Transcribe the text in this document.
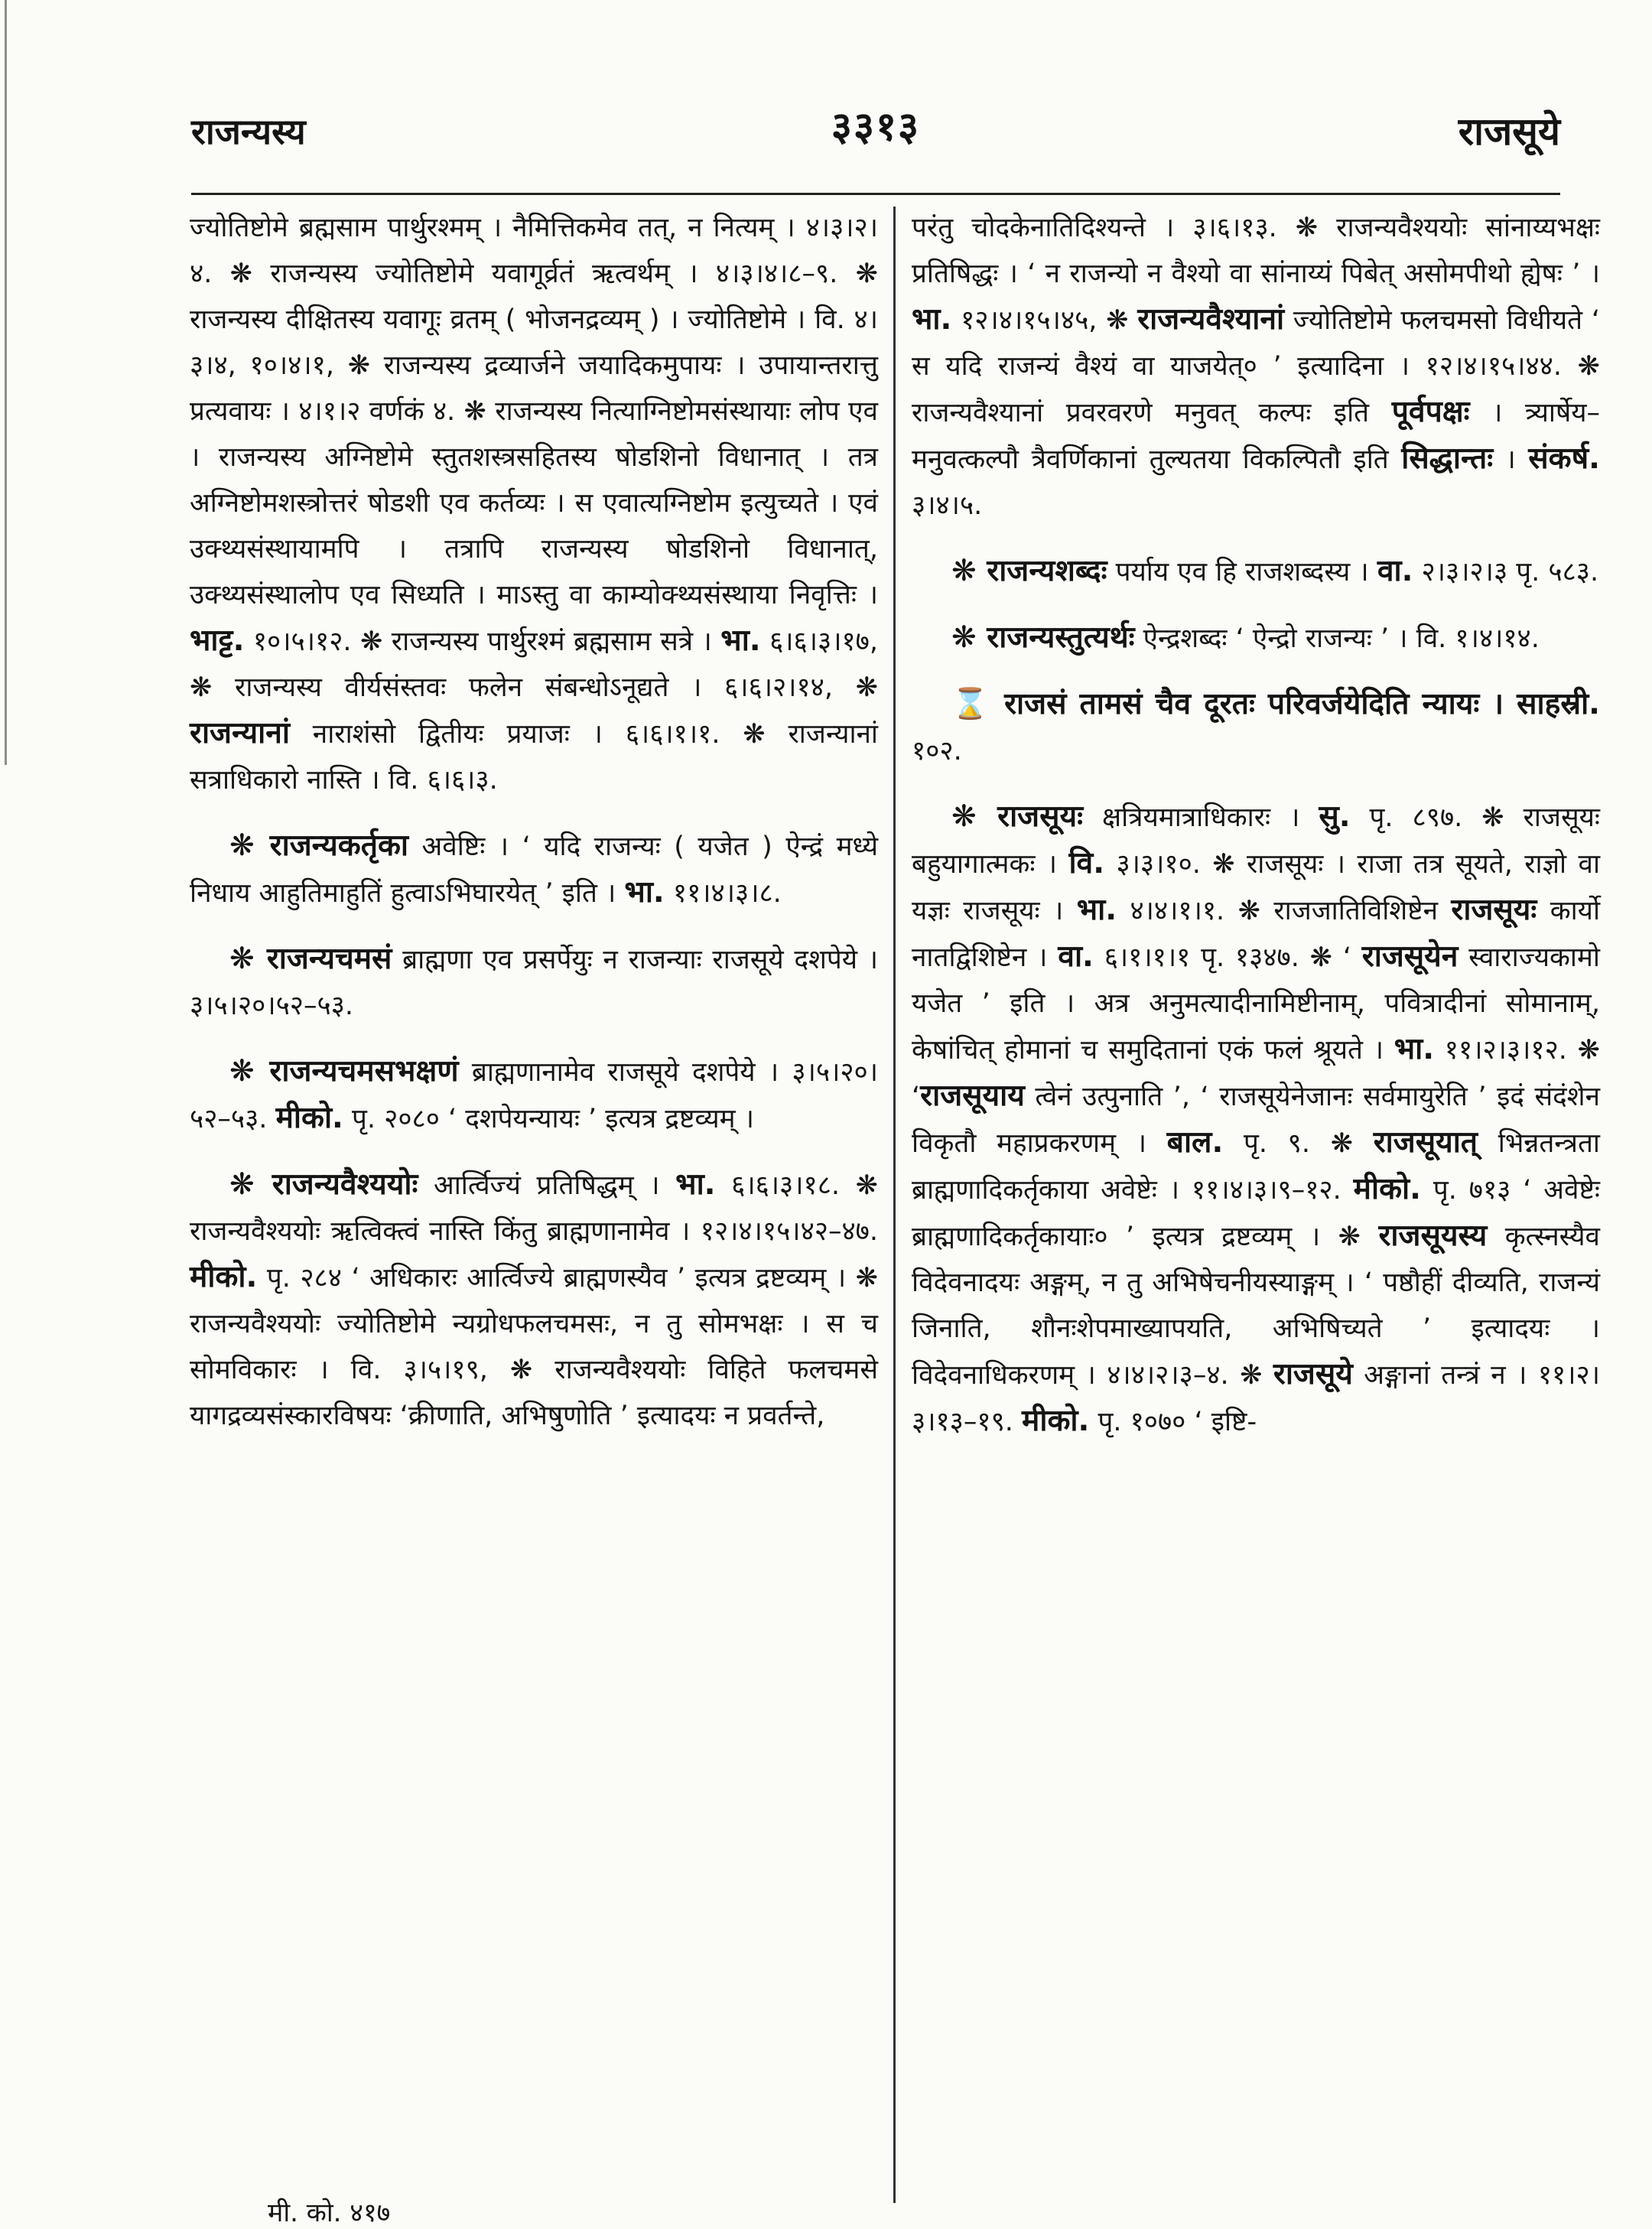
राजन्यस्य	३३१३	राजसूये

ज्योतिष्टोमे ब्रह्मसाम पार्थुरश्मम् । नैमित्तिकमेव तत्, न नित्यम् । ४।३।२।४. ❋ राजन्यस्य ज्योतिष्टोमे यवागूर्व्रतं ऋत्वर्थम् । ४।३।४।८–९. ❋ राजन्यस्य दीक्षितस्य यवागूः व्रतम् ( भोजनद्रव्यम् ) । ज्योतिष्टोमे । वि. ४।३।४, १०।४।१, ❋ राजन्यस्य द्रव्यार्जने जयादिकमुपायः । उपायान्तरात्तु प्रत्यवायः । ४।१।२ वर्णकं ४. ❋ राजन्यस्य नित्याग्निष्टोमसंस्थायाः लोप एव । राजन्यस्य अग्निष्टोमे स्तुतशस्त्रसहितस्य षोडशिनो विधानात् । तत्र अग्निष्टोमशस्त्रोत्तरं षोडशी एव कर्तव्यः । स एवात्यग्निष्टोम इत्युच्यते । एवं उक्थ्यसंस्थायामपि । तत्रापि राजन्यस्य षोडशिनो विधानात्, उक्थ्यसंस्थालोप एव सिध्यति । माऽस्तु वा काम्योक्थ्यसंस्थाया निवृत्तिः । भाट्ट. १०।५।१२. ❋ राजन्यस्य पार्थुरश्मं ब्रह्मसाम सत्रे । भा. ६।६।३।१७, ❋ राजन्यस्य वीर्यसंस्तवः फलेन संबन्धोऽनूद्यते । ६।६।२।१४, ❋ राजन्यानां नाराशंसो द्वितीयः प्रयाजः । ६।६।१।१. ❋ राजन्यानां सत्राधिकारो नास्ति । वि. ६।६।३.

❋ राजन्यकर्तृका अवेष्टिः । ‘ यदि राजन्यः ( यजेत ) ऐन्द्रं मध्ये निधाय आहुतिमाहुतिं हुत्वाऽभिघारयेत् ’ इति । भा. ११।४।३।८.

❋ राजन्यचमसं ब्राह्मणा एव प्रसर्पेयुः न राजन्याः राजसूये दशपेये । ३।५।२०।५२–५३.

❋ राजन्यचमसभक्षणं ब्राह्मणानामेव राजसूये दशपेये । ३।५।२०।५२–५३. मीको. पृ. २०८० ‘ दशपेयन्यायः ’ इत्यत्र द्रष्टव्यम् ।

❋ राजन्यवैश्ययोः आर्त्विज्यं प्रतिषिद्धम् । भा. ६।६।३।१८. ❋ राजन्यवैश्ययोः ऋत्विक्त्वं नास्ति किंतु ब्राह्मणानामेव । १२।४।१५।४२–४७. मीको. पृ. २८४ ‘ अधिकारः आर्त्विज्ये ब्राह्मणस्यैव ’ इत्यत्र द्रष्टव्यम् । ❋ राजन्यवैश्ययोः ज्योतिष्टोमे न्यग्रोधफलचमसः, न तु सोमभक्षः । स च सोमविकारः । वि. ३।५।१९, ❋ राजन्यवैश्ययोः विहिते फलचमसे यागद्रव्यसंस्कारविषयः ‘क्रीणाति, अभिषुणोति ’ इत्यादयः न प्रवर्तन्ते,

परंतु चोदकेनातिदिश्यन्ते । ३।६।१३. ❋ राजन्यवैश्ययोः सांनाय्यभक्षः प्रतिषिद्धः । ‘ न राजन्यो न वैश्यो वा सांनाय्यं पिबेत् असोमपीथो ह्येषः ’ । भा. १२।४।१५।४५, ❋ राजन्यवैश्यानां ज्योतिष्टोमे फलचमसो विधीयते ‘ स यदि राजन्यं वैश्यं वा याजयेत्० ’ इत्यादिना । १२।४।१५।४४. ❋ राजन्यवैश्यानां प्रवरवरणे मनुवत् कल्पः इति पूर्वपक्षः । त्र्यार्षेय–मनुवत्कल्पौ त्रैवर्णिकानां तुल्यतया विकल्पितौ इति सिद्धान्तः । संकर्ष. ३।४।५.

❋ राजन्यशब्दः पर्याय एव हि राजशब्दस्य । वा. २।३।२।३ पृ. ५८३.

❋ राजन्यस्तुत्यर्थः ऐन्द्रशब्दः ‘ ऐन्द्रो राजन्यः ’ । वि. १।४।१४.

⌛ राजसं तामसं चैव दूरतः परिवर्जयेदिति न्यायः । साहस्री. १०२.

❋ राजसूयः क्षत्रियमात्राधिकारः । सु. पृ. ८९७. ❋ राजसूयः बहुयागात्मकः । वि. ३।३।१०. ❋ राजसूयः । राजा तत्र सूयते, राज्ञो वा यज्ञः राजसूयः । भा. ४।४।१।१. ❋ राजजातिविशिष्टेन राजसूयः कार्यो नातद्विशिष्टेन । वा. ६।१।१।१ पृ. १३४७. ❋ ‘ राजसूयेन स्वाराज्यकामो यजेत ’ इति । अत्र अनुमत्यादीनामिष्टीनाम्, पवित्रादीनां सोमानाम्, केषांचित् होमानां च समुदितानां एकं फलं श्रूयते । भा. ११।२।३।१२. ❋ ‘राजसूयाय त्वेनं उत्पुनाति ’, ‘ राजसूयेनेजानः सर्वमायुरेति ’ इदं संदंशेन विकृतौ महाप्रकरणम् । बाल. पृ. ९. ❋ राजसूयात् भिन्नतन्त्रता ब्राह्मणादिकर्तृकाया अवेष्टेः । ११।४।३।९–१२. मीको. पृ. ७१३ ‘ अवेष्टेः ब्राह्मणादिकर्तृकायाः० ’ इत्यत्र द्रष्टव्यम् । ❋ राजसूयस्य कृत्स्नस्यैव विदेवनादयः अङ्गम्, न तु अभिषेचनीयस्याङ्गम् । ‘ पष्ठौहीं दीव्यति, राजन्यं जिनाति, शौनःशेपमाख्यापयति, अभिषिच्यते ’ इत्यादयः । विदेवनाधिकरणम् । ४।४।२।३–४. ❋ राजसूये अङ्गानां तन्त्रं न । ११।२।३।१३–१९. मीको. पृ. १०७० ‘ इष्टि-

मी. को. ४१७
